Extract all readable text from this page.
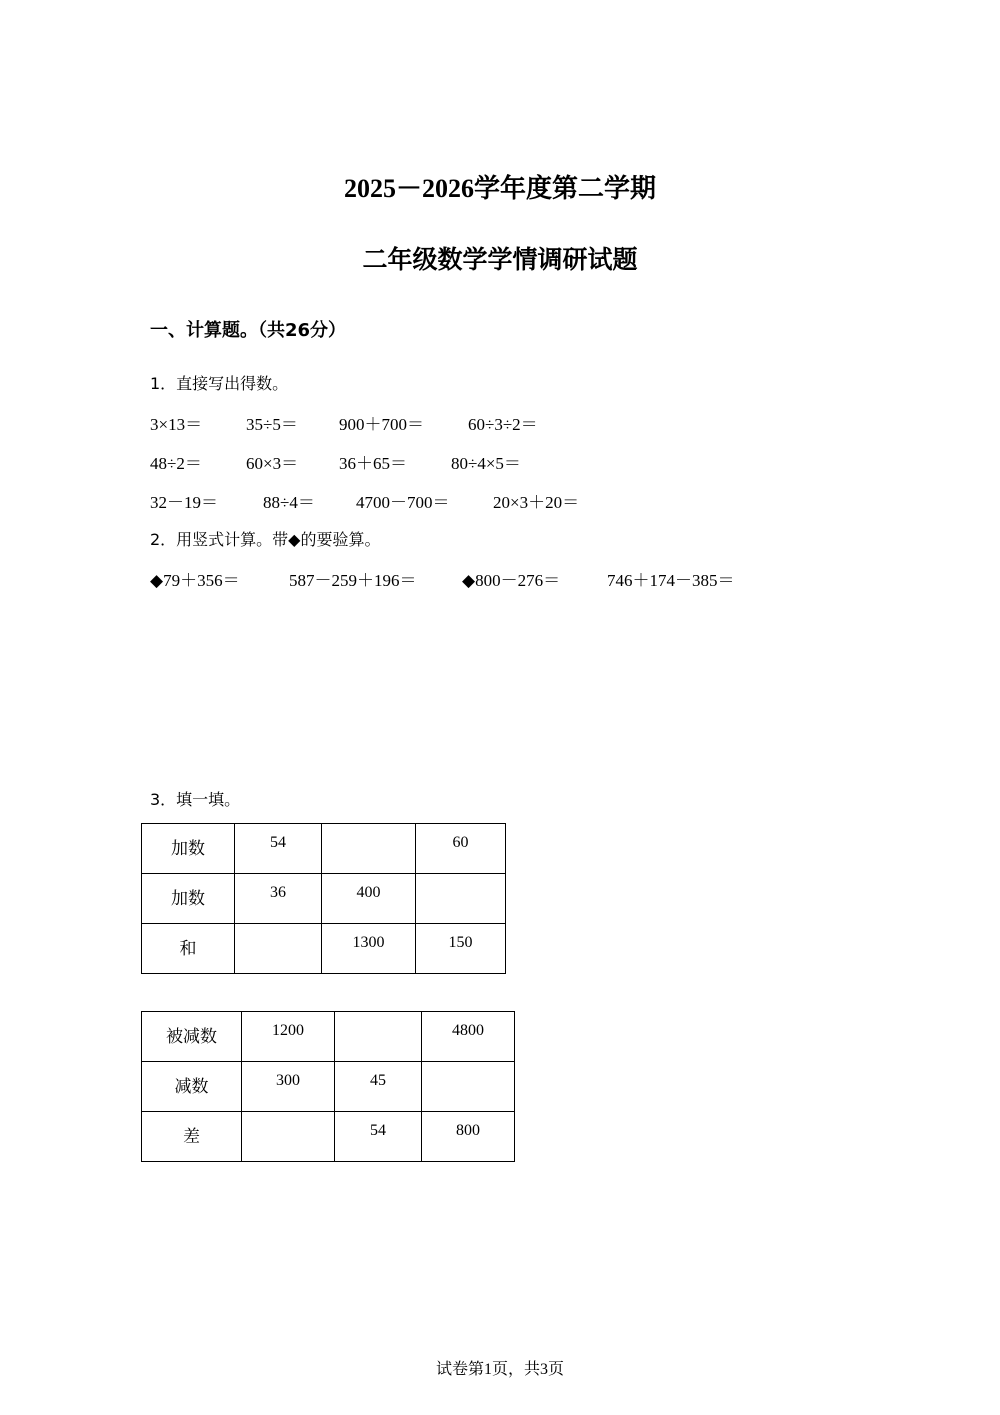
2025－2026学年度第二学期
二年级数学学情调研试题
一、计算题。（共26分）
1．直接写出得数。
3×13＝	35÷5＝ 900＋700＝	60÷3÷2＝
48÷2＝	60×3＝ 36＋65＝	80÷4×5＝
32－19＝	88÷4＝ 4700－700＝	20×3＋20＝
2．用竖式计算。带◆的要验算。
◆79＋356＝	587－259＋196＝	◆800－276＝	746＋174－385＝
3．填一填。
加数	54		60

加数	36	400	

和		1300	150
被减数	1200		4800

减数	300	45	

差		54	800
试卷第1页，共3页
